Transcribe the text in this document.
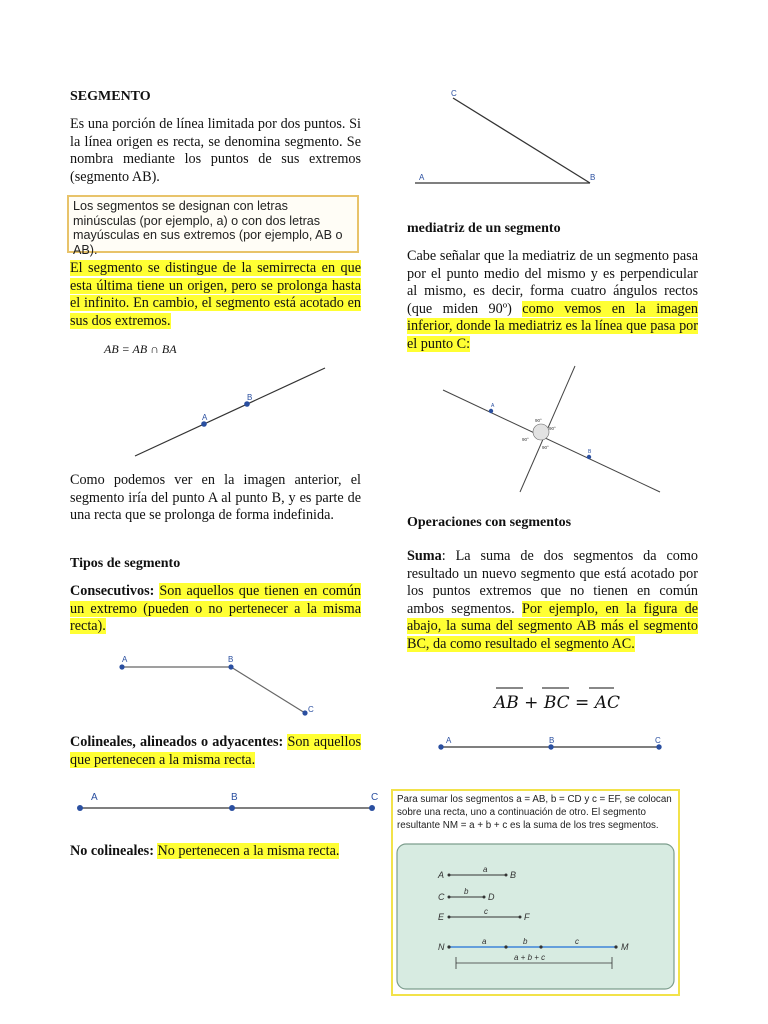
SEGMENTO

Es una porción de línea limitada por dos puntos. Si la línea origen es recta, se denomina segmento. Se nombra mediante los puntos de sus extremos (segmento AB).

Los segmentos se designan con letras minúsculas (por ejemplo, a) o con dos letras mayúsculas en sus extremos (por ejemplo, AB o AB).

El segmento se distingue de la semirrecta en que esta última tiene un origen, pero se prolonga hasta el infinito. En cambio, el segmento está acotado en sus dos extremos.

AB = AB ∩ BA
A
B

Como podemos ver en la imagen anterior, el segmento iría del punto A al punto B, y es parte de una recta que se prolonga de forma indefinida.

Tipos de segmento

Consecutivos: Son aquellos que tienen en común un extremo (pueden o no pertenecer a la misma recta).

A	B
C

Colineales, alineados o adyacentes: Son aquellos que pertenecen a la misma recta.

A	B	C

No colineales: No pertenecen a la misma recta.

C
A	B
mediatriz de un segmento

Cabe señalar que la mediatriz de un segmento pasa por el punto medio del mismo y es perpendicular al mismo, es decir, forma cuatro ángulos rectos (que miden 90º) como vemos en la imagen inferior, donde la mediatriz es la línea que pasa por el punto C:

A
B
90°
90°
90°
90°
Operaciones con segmentos

Suma: La suma de dos segmentos da como resultado un nuevo segmento que está acotado por los puntos extremos que no tienen en común ambos segmentos. Por ejemplo, en la figura de abajo, la suma del segmento AB más el segmento BC, da como resultado el segmento AC.

AB + BC = AC
A	B	C
Para sumar los segmentos a = AB, b = CD y c = EF, se colocan sobre una recta, uno a continuación de otro. El segmento resultante NM = a + b + c es la suma de los tres segmentos.
A
a
B
C
b
D
E
c
F
N	M
a	b	c
a + b + c
